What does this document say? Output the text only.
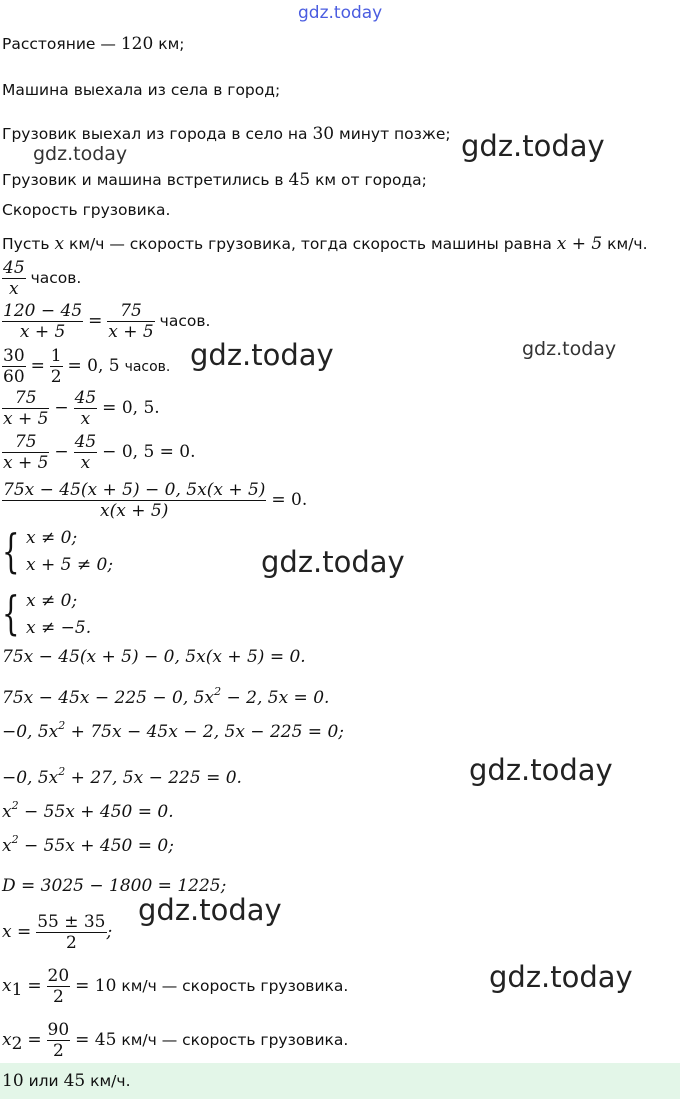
gdz.today
gdz.today	gdz.today
gdz.today	gdz.today
gdz.today
gdz.today
gdz.today
gdz.today
Расстояние — 120 км;
Машина выехала из села в город;
Грузовик выехал из города в село на 30 минут позже;
Грузовик и машина встретились в 45 км от города;
Скорость грузовика.
Пусть x км/ч — скорость грузовика, тогда скорость машины равна x + 5 км/ч.
$\frac{45}{x}$ часов.
$\frac{120 - 45}{x + 5} = \frac{75}{x + 5}$ часов.
$\frac{30}{60} = \frac{1}{2} = 0$, 5 часов.
$\frac{75}{x + 5} - \frac{45}{x} = 0$, 5.
$\frac{75}{x + 5} - \frac{45}{x} - 0$, 5 = 0.
$\frac{75x - 45(x + 5) - 0, 5x(x + 5)}{x(x + 5)} = 0$.
{ x ≠ 0;
x + 5 ≠ 0;
{ x ≠ 0;
x ≠ −5.
75x − 45(x + 5) − 0, 5x(x + 5) = 0.
75x − 45x − 225 − 0, $5x^2 - 2$, 5x = 0.
−0, $5x^2 + 75x - 45x - 2$, 5x − 225 = 0;
−0, $5x^2 + 27$, 5x − 225 = 0.
$x^2 - 55x + 450 = 0$.
$x^2 - 55x + 450 = 0$;
D = 3025 − 1800 = 1225;
$x = \frac{55 \pm 35}{2}$ ;
$x_1 = \frac{20}{2} = 10$ км/ч — скорость грузовика.
$x_2 = \frac{90}{2} = 45$ км/ч — скорость грузовика.
10 или 45 км/ч.
